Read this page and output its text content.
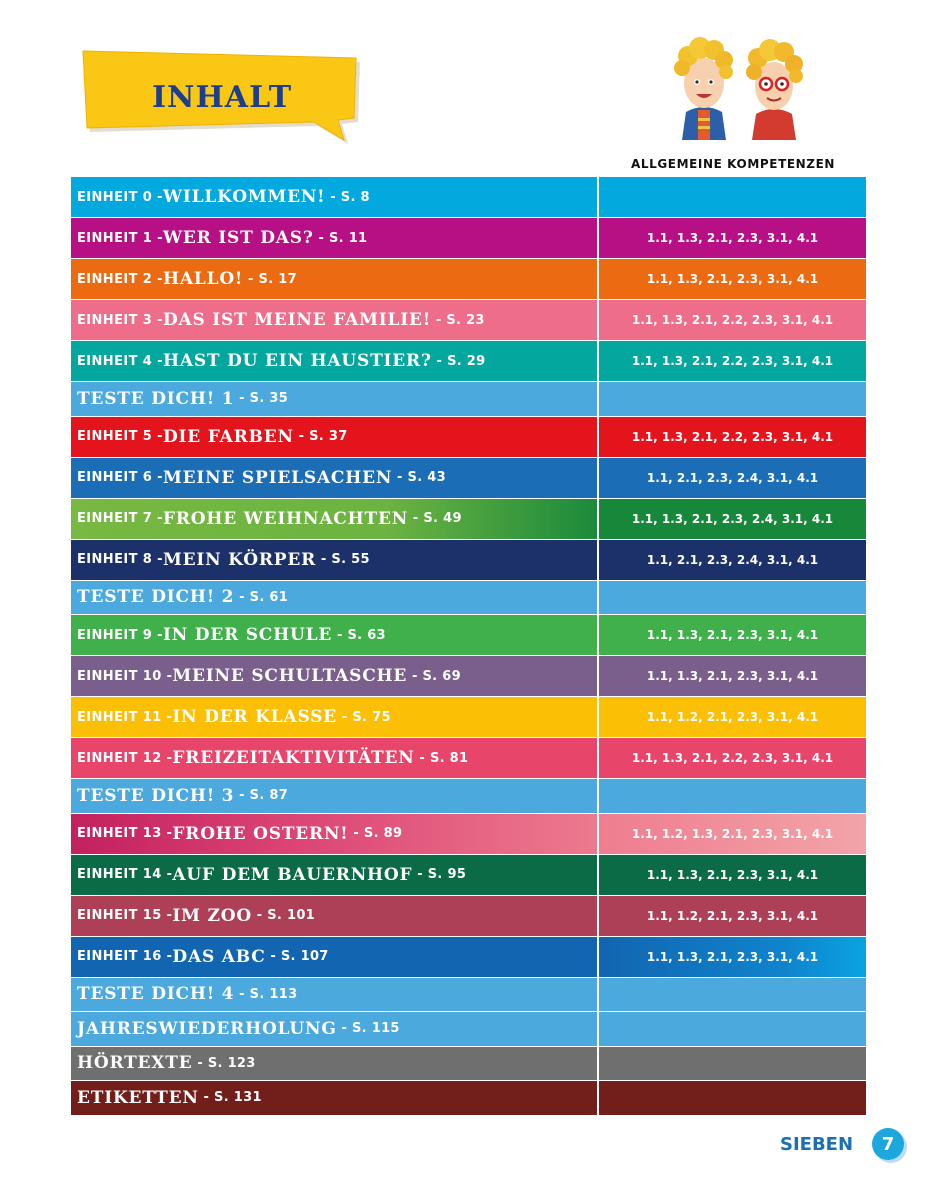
INHALT
ALLGEMEINE KOMPETENZEN
EINHEIT 0 - WILLKOMMEN! - S. 8
EINHEIT 1 - WER IST DAS? - S. 11	1.1, 1.3, 2.1, 2.3, 3.1, 4.1
EINHEIT 2 - HALLO! - S. 17	1.1, 1.3, 2.1, 2.3, 3.1, 4.1
EINHEIT 3 - DAS IST MEINE FAMILIE! - S. 23	1.1, 1.3, 2.1, 2.2, 2.3, 3.1, 4.1
EINHEIT 4 - HAST DU EIN HAUSTIER? - S. 29	1.1, 1.3, 2.1, 2.2, 2.3, 3.1, 4.1
TESTE DICH! 1 - S. 35
EINHEIT 5 - DIE FARBEN - S. 37	1.1, 1.3, 2.1, 2.2, 2.3, 3.1, 4.1
EINHEIT 6 - MEINE SPIELSACHEN - S. 43	1.1, 2.1, 2.3, 2.4, 3.1, 4.1
EINHEIT 7 - FROHE WEIHNACHTEN - S. 49	1.1, 1.3, 2.1, 2.3, 2.4, 3.1, 4.1
EINHEIT 8 - MEIN KÖRPER - S. 55	1.1, 2.1, 2.3, 2.4, 3.1, 4.1
TESTE DICH! 2 - S. 61
EINHEIT 9 - IN DER SCHULE - S. 63	1.1, 1.3, 2.1, 2.3, 3.1, 4.1
EINHEIT 10 - MEINE SCHULTASCHE - S. 69	1.1, 1.3, 2.1, 2.3, 3.1, 4.1
EINHEIT 11 - IN DER KLASSE - S. 75	1.1, 1.2, 2.1, 2.3, 3.1, 4.1
EINHEIT 12 - FREIZEITAKTIVITÄTEN - S. 81	1.1, 1.3, 2.1, 2.2, 2.3, 3.1, 4.1
TESTE DICH! 3 - S. 87
EINHEIT 13 - FROHE OSTERN! - S. 89	1.1, 1.2, 1.3, 2.1, 2.3, 3.1, 4.1
EINHEIT 14 - AUF DEM BAUERNHOF - S. 95	1.1, 1.3, 2.1, 2.3, 3.1, 4.1
EINHEIT 15 - IM ZOO - S. 101	1.1, 1.2, 2.1, 2.3, 3.1, 4.1
EINHEIT 16 - DAS ABC - S. 107	1.1, 1.3, 2.1, 2.3, 3.1, 4.1
TESTE DICH! 4 - S. 113
JAHRESWIEDERHOLUNG - S. 115
HÖRTEXTE - S. 123
ETIKETTEN - S. 131
SIEBEN	7
